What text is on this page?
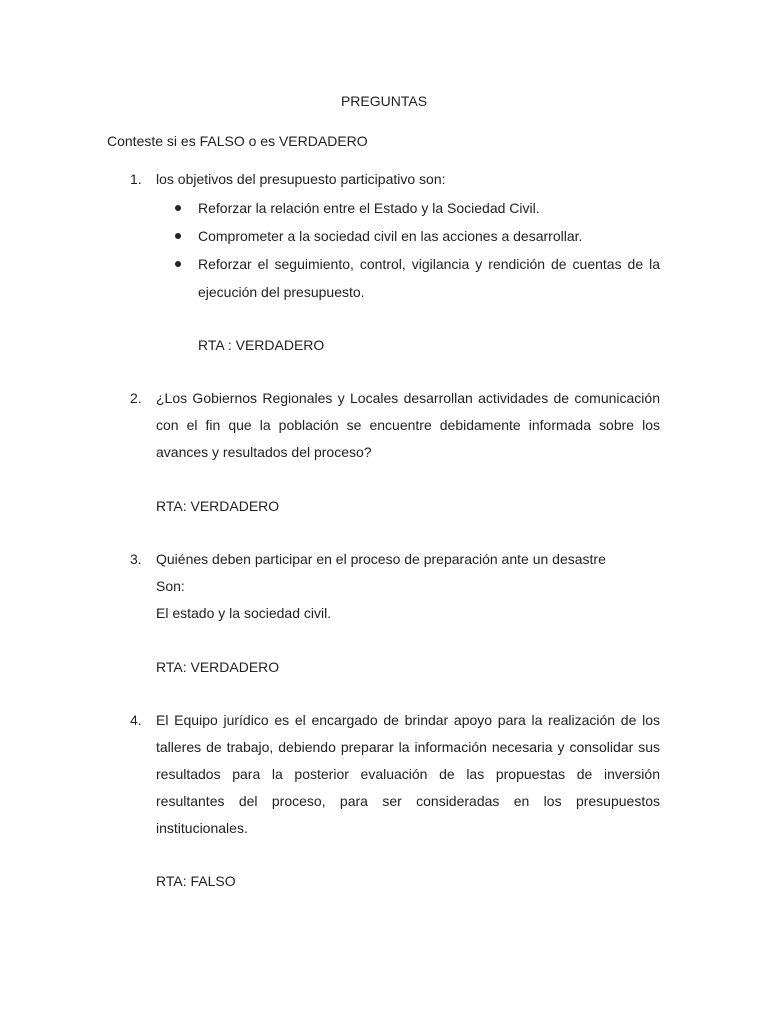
PREGUNTAS
Conteste si es FALSO o es VERDADERO
1. los objetivos del presupuesto participativo son:
Reforzar la relación entre el Estado y la Sociedad Civil.
Comprometer a la sociedad civil en las acciones a desarrollar.
Reforzar el seguimiento, control, vigilancia y rendición de cuentas de la ejecución del presupuesto.
RTA : VERDADERO
2. ¿Los Gobiernos Regionales y Locales desarrollan actividades de comunicación con el fin que la población se encuentre debidamente informada sobre los avances y resultados del proceso?
RTA: VERDADERO
3. Quiénes deben participar en el proceso de preparación ante un desastre
Son:
El estado y la sociedad civil.
RTA: VERDADERO
4. El Equipo jurídico es el encargado de brindar apoyo para la realización de los talleres de trabajo, debiendo preparar la información necesaria y consolidar sus resultados para la posterior evaluación de las propuestas de inversión resultantes del proceso, para ser consideradas en los presupuestos institucionales.
RTA: FALSO
